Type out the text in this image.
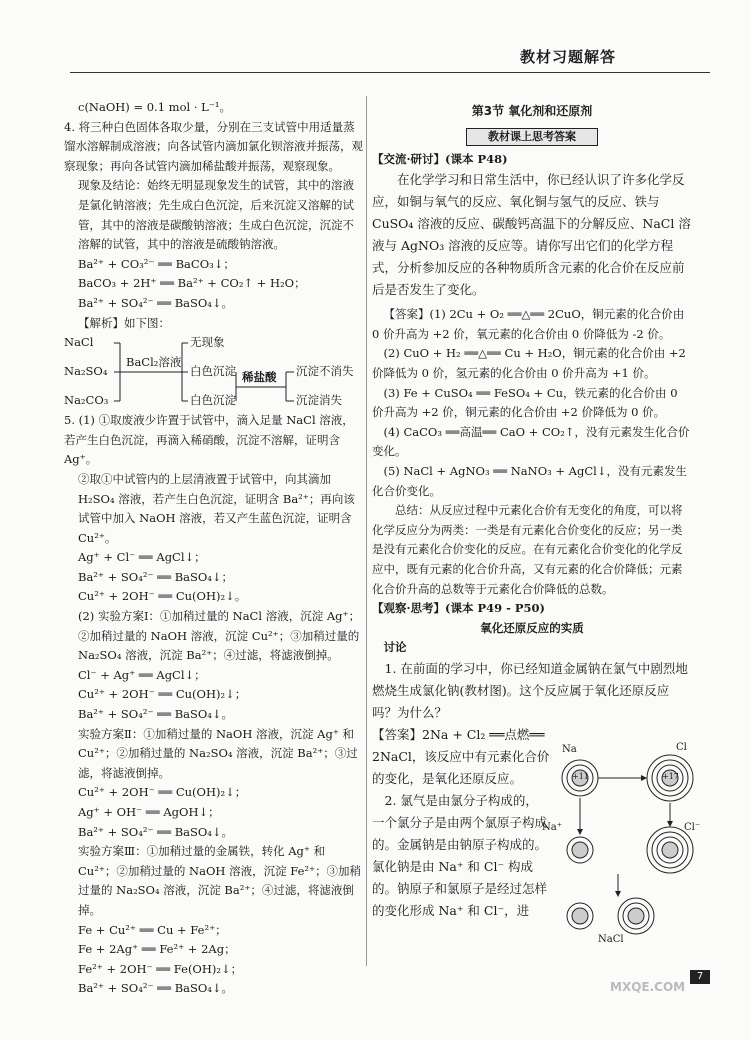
教材习题解答

c(NaOH) = 0.1 mol · L⁻¹。

4. 将三种白色固体各取少量，分别在三支试管中用适量蒸馏水溶解制成溶液；向各试管内滴加氯化钡溶液并振荡，观察现象；再向各试管内滴加稀盐酸并振荡，观察现象。

现象及结论：始终无明显现象发生的试管，其中的溶液是氯化钠溶液；先生成白色沉淀，后来沉淀又溶解的试管，其中的溶液是碳酸钠溶液；生成白色沉淀，沉淀不溶解的试管，其中的溶液是硫酸钠溶液。

Ba²⁺ + CO₃²⁻ ══ BaCO₃↓；

BaCO₃ + 2H⁺ ══ Ba²⁺ + CO₂↑ + H₂O；

Ba²⁺ + SO₄²⁻ ══ BaSO₄↓。

【解析】如下图：

NaCl
Na₂SO₄
Na₂CO₃
BaCl₂溶液
无现象
白色沉淀
白色沉淀
稀盐酸 沉淀不消失
沉淀消失

5. (1) ①取废液少许置于试管中，滴入足量 NaCl 溶液，若产生白色沉淀，再滴入稀硝酸，沉淀不溶解，证明含 Ag⁺。

②取①中试管内的上层清液置于试管中，向其滴加 H₂SO₄ 溶液，若产生白色沉淀，证明含 Ba²⁺；再向该试管中加入 NaOH 溶液，若又产生蓝色沉淀，证明含 Cu²⁺。

Ag⁺ + Cl⁻ ══ AgCl↓；

Ba²⁺ + SO₄²⁻ ══ BaSO₄↓；

Cu²⁺ + 2OH⁻ ══ Cu(OH)₂↓。

(2) 实验方案Ⅰ：①加稍过量的 NaCl 溶液，沉淀 Ag⁺；②加稍过量的 NaOH 溶液，沉淀 Cu²⁺；③加稍过量的 Na₂SO₄ 溶液，沉淀 Ba²⁺；④过滤，将滤液倒掉。

Cl⁻ + Ag⁺ ══ AgCl↓；

Cu²⁺ + 2OH⁻ ══ Cu(OH)₂↓；

Ba²⁺ + SO₄²⁻ ══ BaSO₄↓。

实验方案Ⅱ：①加稍过量的 NaOH 溶液，沉淀 Ag⁺ 和 Cu²⁺；②加稍过量的 Na₂SO₄ 溶液，沉淀 Ba²⁺；③过滤，将滤液倒掉。

Cu²⁺ + 2OH⁻ ══ Cu(OH)₂↓；

Ag⁺ + OH⁻ ══ AgOH↓；

Ba²⁺ + SO₄²⁻ ══ BaSO₄↓。

实验方案Ⅲ：①加稍过量的金属铁，转化 Ag⁺ 和 Cu²⁺；②加稍过量的 NaOH 溶液，沉淀 Fe²⁺；③加稍过量的 Na₂SO₄ 溶液，沉淀 Ba²⁺；④过滤，将滤液倒掉。

Fe + Cu²⁺ ══ Cu + Fe²⁺；

Fe + 2Ag⁺ ══ Fe²⁺ + 2Ag；

Fe²⁺ + 2OH⁻ ══ Fe(OH)₂↓；

Ba²⁺ + SO₄²⁻ ══ BaSO₄↓。

第3节 氧化剂和还原剂

教材课上思考答案

【交流·研讨】(课本 P48)

在化学学习和日常生活中，你已经认识了许多化学反应，如铜与氧气的反应、氧化铜与氢气的反应、铁与 CuSO₄ 溶液的反应、碳酸钙高温下的分解反应、NaCl 溶液与 AgNO₃ 溶液的反应等。请你写出它们的化学方程式，分析参加反应的各种物质所含元素的化合价在反应前后是否发生了变化。

【答案】(1) 2Cu + O₂ ══△══ 2CuO，铜元素的化合价由 0 价升高为 +2 价，氧元素的化合价由 0 价降低为 -2 价。

(2) CuO + H₂ ══△══ Cu + H₂O，铜元素的化合价由 +2 价降低为 0 价，氢元素的化合价由 0 价升高为 +1 价。

(3) Fe + CuSO₄ ══ FeSO₄ + Cu，铁元素的化合价由 0 价升高为 +2 价，铜元素的化合价由 +2 价降低为 0 价。

(4) CaCO₃ ══高温══ CaO + CO₂↑，没有元素发生化合价变化。

(5) NaCl + AgNO₃ ══ NaNO₃ + AgCl↓，没有元素发生化合价变化。

总结：从反应过程中元素化合价有无变化的角度，可以将化学反应分为两类：一类是有元素化合价变化的反应；另一类是没有元素化合价变化的反应。在有元素化合价变化的化学反应中，既有元素的化合价升高，又有元素的化合价降低；元素化合价升高的总数等于元素化合价降低的总数。

【观察·思考】(课本 P49 - P50)

氧化还原反应的实质

讨论

1. 在前面的学习中，你已经知道金属钠在氯气中剧烈地燃烧生成氯化钠(教材图)。这个反应属于氧化还原反应吗？为什么？

【答案】2Na + Cl₂ ══点燃══ 2NaCl，该反应中有元素化合价的变化，是氧化还原反应。

2. 氯气是由氯分子构成的，一个氯分子是由两个氯原子构成的。金属钠是由钠原子构成的。氯化钠是由 Na⁺ 和 Cl⁻ 构成的。钠原子和氯原子是经过怎样的变化形成 Na⁺ 和 Cl⁻，进

Na	Cl
Na⁺	Cl⁻
NaCl
+11	+17
7
MXQE.COM
